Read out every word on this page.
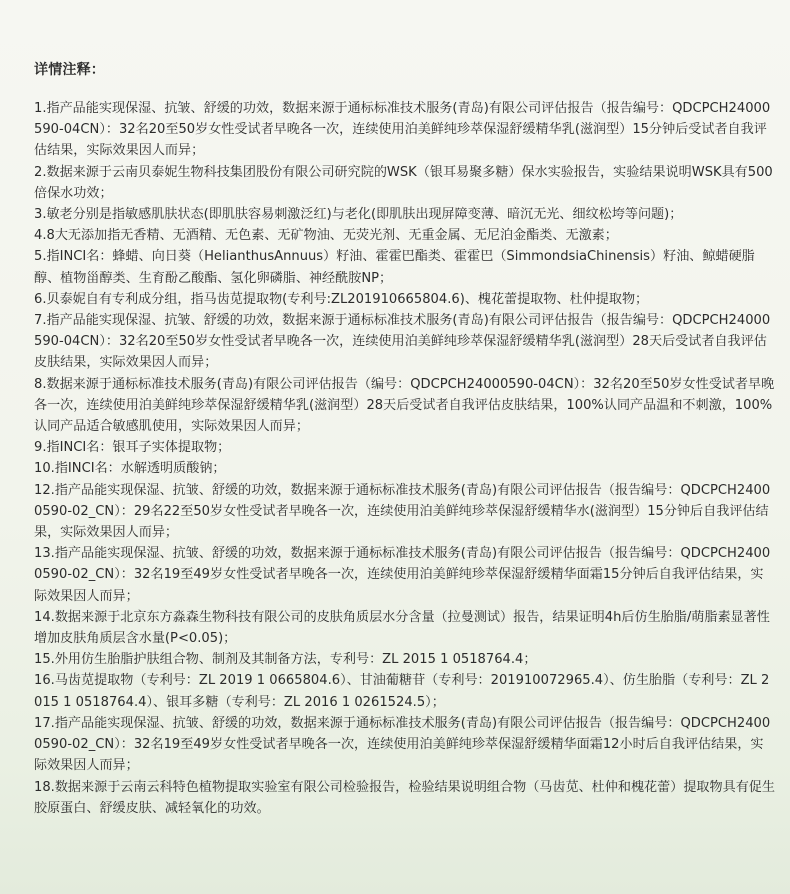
详情注释：
1.指产品能实现保湿、抗皱、舒缓的功效，数据来源于通标标准技术服务(青岛)有限公司评估报告（报告编号：QDCPCH24000590-04CN）：32名20至50岁女性受试者早晚各一次，连续使用泊美鲜纯珍萃保湿舒缓精华乳(滋润型）15分钟后受试者自我评估结果，实际效果因人而异；
2.数据来源于云南贝泰妮生物科技集团股份有限公司研究院的WSK（银耳易聚多糖）保水实验报告，实验结果说明WSK具有500倍保水功效；
3.敏老分别是指敏感肌肤状态(即肌肤容易刺激泛红)与老化(即肌肤出现屏障变薄、暗沉无光、细纹松垮等问题)；
4.8大无添加指无香精、无酒精、无色素、无矿物油、无荧光剂、无重金属、无尼泊金酯类、无激素；
5.指INCI名：蜂蜡、向日葵（HelianthusAnnuus）籽油、霍霍巴酯类、霍霍巴（SimmondsiaChinensis）籽油、鲸蜡硬脂醇、植物甾醇类、生育酚乙酸酯、氢化卵磷脂、神经酰胺NP；
6.贝泰妮自有专利成分组，指马齿苋提取物(专利号:ZL201910665804.6)、槐花蕾提取物、杜仲提取物；
7.指产品能实现保湿、抗皱、舒缓的功效，数据来源于通标标准技术服务(青岛)有限公司评估报告（报告编号：QDCPCH24000590-04CN）：32名20至50岁女性受试者早晚各一次，连续使用泊美鲜纯珍萃保湿舒缓精华乳(滋润型）28天后受试者自我评估皮肤结果，实际效果因人而异；
8.数据来源于通标标准技术服务(青岛)有限公司评估报告（编号：QDCPCH24000590-04CN）：32名20至50岁女性受试者早晚各一次，连续使用泊美鲜纯珍萃保湿舒缓精华乳(滋润型）28天后受试者自我评估皮肤结果，100%认同产品温和不刺激，100%认同产品适合敏感肌使用，实际效果因人而异；
9.指INCI名：银耳子实体提取物；
10.指INCI名：水解透明质酸钠；
12.指产品能实现保湿、抗皱、舒缓的功效，数据来源于通标标准技术服务(青岛)有限公司评估报告（报告编号：QDCPCH24000590-02_CN）：29名22至50岁女性受试者早晚各一次，连续使用泊美鲜纯珍萃保湿舒缓精华水(滋润型）15分钟后自我评估结果，实际效果因人而异；
13.指产品能实现保湿、抗皱、舒缓的功效，数据来源于通标标准技术服务(青岛)有限公司评估报告（报告编号：QDCPCH24000590-02_CN）：32名19至49岁女性受试者早晚各一次，连续使用泊美鲜纯珍萃保湿舒缓精华面霜15分钟后自我评估结果，实际效果因人而异；
14.数据来源于北京东方淼森生物科技有限公司的皮肤角质层水分含量（拉曼测试）报告，结果证明4h后仿生胎脂/萌脂素显著性增加皮肤角质层含水量(P<0.05)；
15.外用仿生胎脂护肤组合物、制剂及其制备方法，专利号：ZL 2015 1 0518764.4；
16.马齿苋提取物（专利号：ZL 2019 1 0665804.6）、甘油葡糖苷（专利号：201910072965.4）、仿生胎脂（专利号：ZL 2015 1 0518764.4）、银耳多糖（专利号：ZL 2016 1 0261524.5）；
17.指产品能实现保湿、抗皱、舒缓的功效，数据来源于通标标准技术服务(青岛)有限公司评估报告（报告编号：QDCPCH24000590-02_CN）：32名19至49岁女性受试者早晚各一次，连续使用泊美鲜纯珍萃保湿舒缓精华面霜12小时后自我评估结果，实际效果因人而异；
18.数据来源于云南云科特色植物提取实验室有限公司检验报告，检验结果说明组合物（马齿苋、杜仲和槐花蕾）提取物具有促生胶原蛋白、舒缓皮肤、减轻氧化的功效。
